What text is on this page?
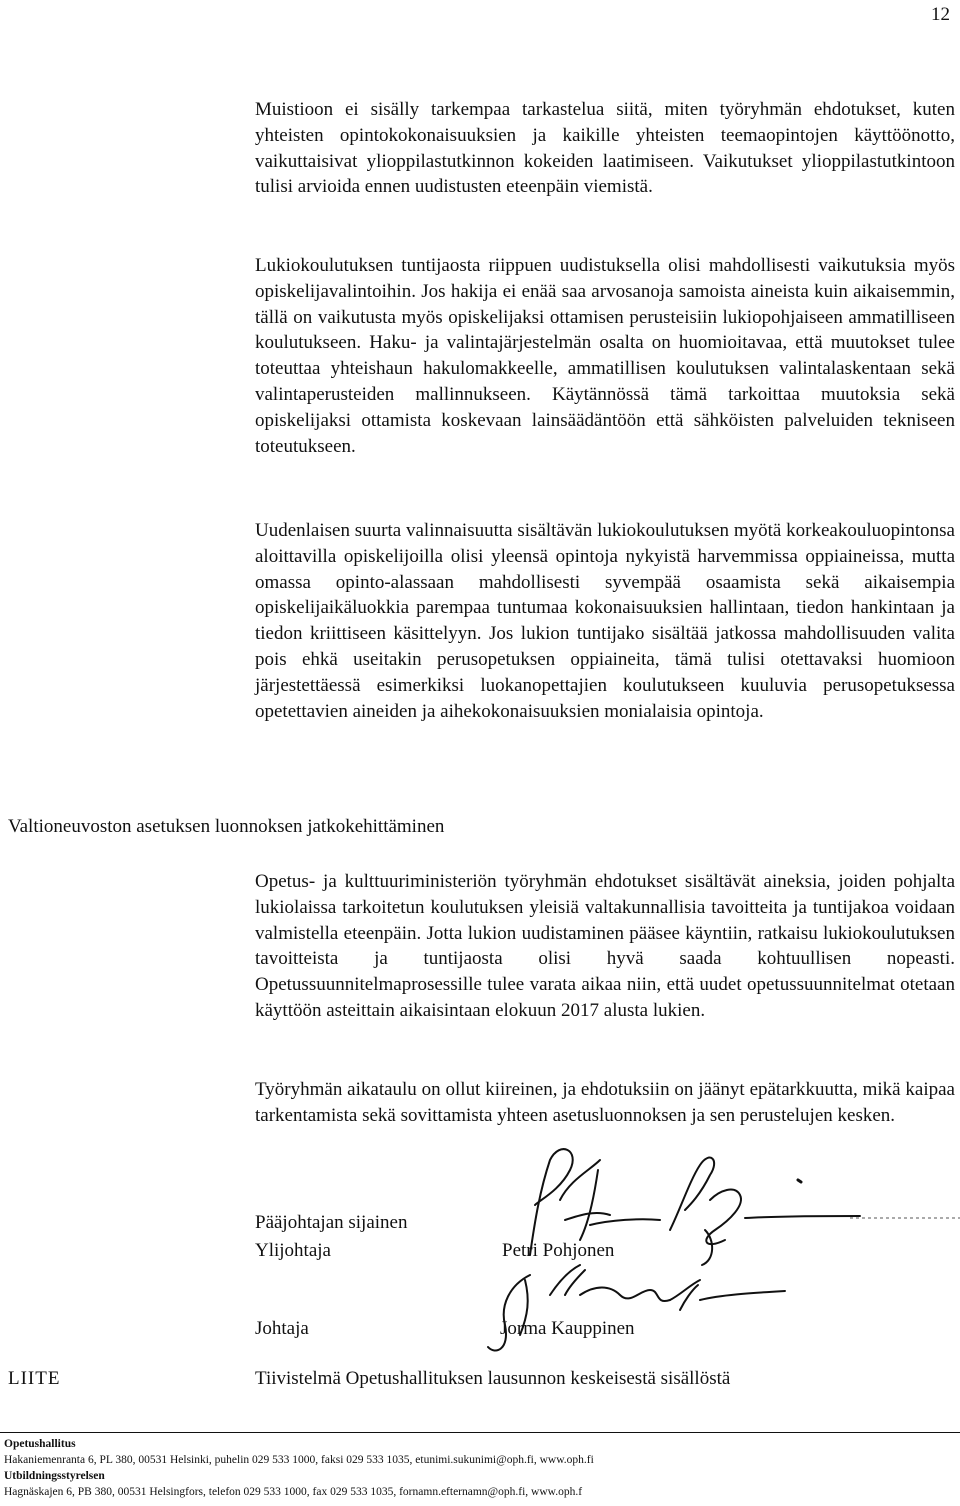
12

Muistioon ei sisälly tarkempaa tarkastelua siitä, miten työryhmän ehdotukset, kuten yhteisten opintokokonaisuuksien ja kaikille yhteisten teemaopintojen käyttöönotto, vaikuttaisivat ylioppilastutkinnon kokeiden laatimiseen. Vaikutukset ylioppilastutkintoon tulisi arvioida ennen uudistusten eteenpäin viemistä.

Lukiokoulutuksen tuntijaosta riippuen uudistuksella olisi mahdollisesti vaikutuksia myös opiskelijavalintoihin. Jos hakija ei enää saa arvosanoja samoista aineista kuin aikaisemmin, tällä on vaikutusta myös opiskelijaksi ottamisen perusteisiin lukiopohjaiseen ammatilliseen koulutukseen. Haku- ja valintajärjestelmän osalta on huomioitavaa, että muutokset tulee toteuttaa yhteishaun hakulomakkeelle, ammatillisen koulutuksen valintalaskentaan sekä valintaperusteiden mallinnukseen. Käytännössä tämä tarkoittaa muutoksia sekä opiskelijaksi ottamista koskevaan lainsäädäntöön että sähköisten palveluiden tekniseen toteutukseen.

Uudenlaisen suurta valinnaisuutta sisältävän lukiokoulutuksen myötä korkeakouluopintonsa aloittavilla opiskelijoilla olisi yleensä opintoja nykyistä harvemmissa oppiaineissa, mutta omassa opinto-alassaan mahdollisesti syvempää osaamista sekä aikaisempia opiskelijaikäluokkia parempaa tuntumaa kokonaisuuksien hallintaan, tiedon hankintaan ja tiedon kriittiseen käsittelyyn. Jos lukion tuntijako sisältää jatkossa mahdollisuuden valita pois ehkä useitakin perusopetuksen oppiaineita, tämä tulisi otettavaksi huomioon järjestettäessä esimerkiksi luokanopettajien koulutukseen kuuluvia perusopetuksessa opetettavien aineiden ja aihekokonaisuuksien monialaisia opintoja.

Valtioneuvoston asetuksen luonnoksen jatkokehittäminen

Opetus- ja kulttuuriministeriön työryhmän ehdotukset sisältävät aineksia, joiden pohjalta lukiolaissa tarkoitetun koulutuksen yleisiä valtakunnallisia tavoitteita ja tuntijakoa voidaan valmistella eteenpäin. Jotta lukion uudistaminen pääsee käyntiin, ratkaisu lukiokoulutuksen tavoitteista ja tuntijaosta olisi hyvä saada kohtuullisen nopeasti. Opetussuunnitelmaprosessille tulee varata aikaa niin, että uudet opetussuunnitelmat otetaan käyttöön asteittain aikaisintaan elokuun 2017 alusta lukien.

Työryhmän aikataulu on ollut kiireinen, ja ehdotuksiin on jäänyt epätarkkuutta, mikä kaipaa tarkentamista sekä sovittamista yhteen asetusluonnoksen ja sen perustelujen kesken.

Pääjohtajan sijainen
Ylijohtaja	Petri Pohjonen
Johtaja	Jorma Kauppinen
LIITE	Tiivistelmä Opetushallituksen lausunnon keskeisestä sisällöstä
Opetushallitus
Hakaniemenranta 6, PL 380, 00531 Helsinki, puhelin 029 533 1000, faksi 029 533 1035, etunimi.sukunimi@oph.fi, www.oph.fi
Utbildningsstyrelsen
Hagnäskajen 6, PB 380, 00531 Helsingfors, telefon 029 533 1000, fax 029 533 1035, fornamn.efternamn@oph.fi, www.oph.f
